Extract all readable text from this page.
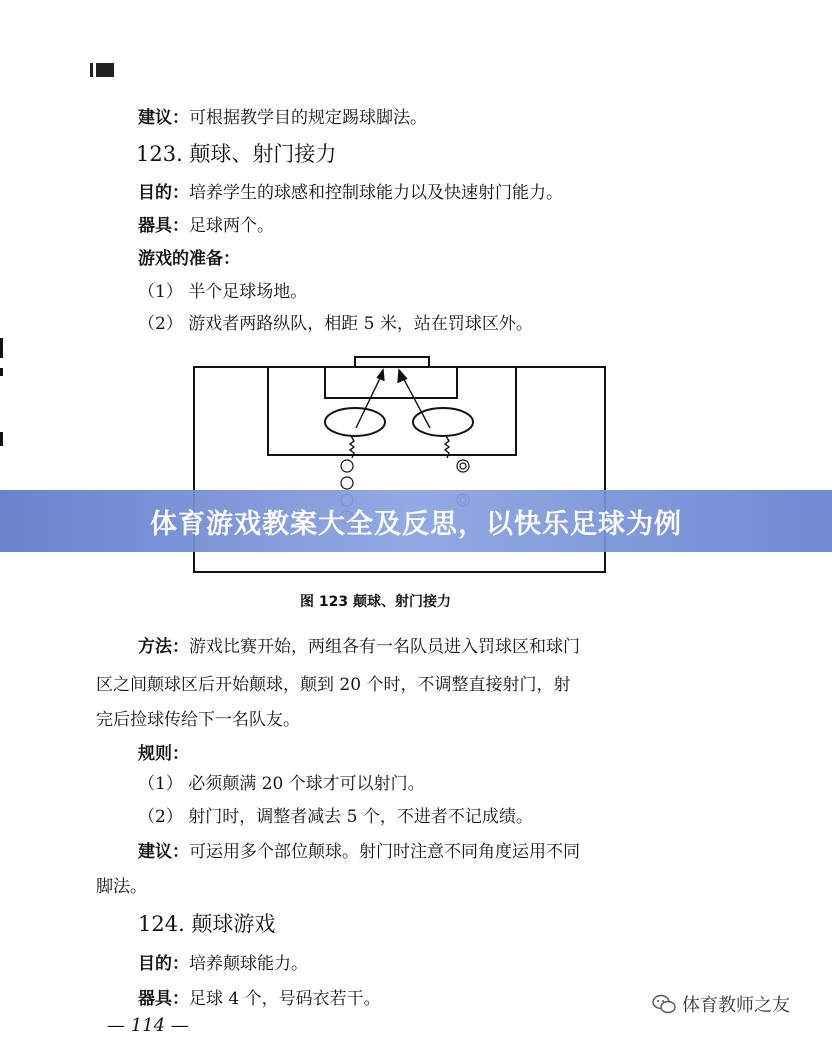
建议：可根据教学目的规定踢球脚法。
123. 颠球、射门接力
目的：培养学生的球感和控制球能力以及快速射门能力。
器具：足球两个。
游戏的准备：
（1） 半个足球场地。
（2） 游戏者两路纵队，相距 5 米，站在罚球区外。
图 123 颠球、射门接力
体育游戏教案大全及反思，以快乐足球为例
方法：游戏比赛开始，两组各有一名队员进入罚球区和球门
区之间颠球区后开始颠球，颠到 20 个时，不调整直接射门，射
完后捡球传给下一名队友。
规则：
（1） 必须颠满 20 个球才可以射门。
（2） 射门时，调整者减去 5 个，不进者不记成绩。
建议：可运用多个部位颠球。射门时注意不同角度运用不同
脚法。
124. 颠球游戏
目的：培养颠球能力。
器具：足球 4 个，号码衣若干。
— 114 —
体育教师之友
